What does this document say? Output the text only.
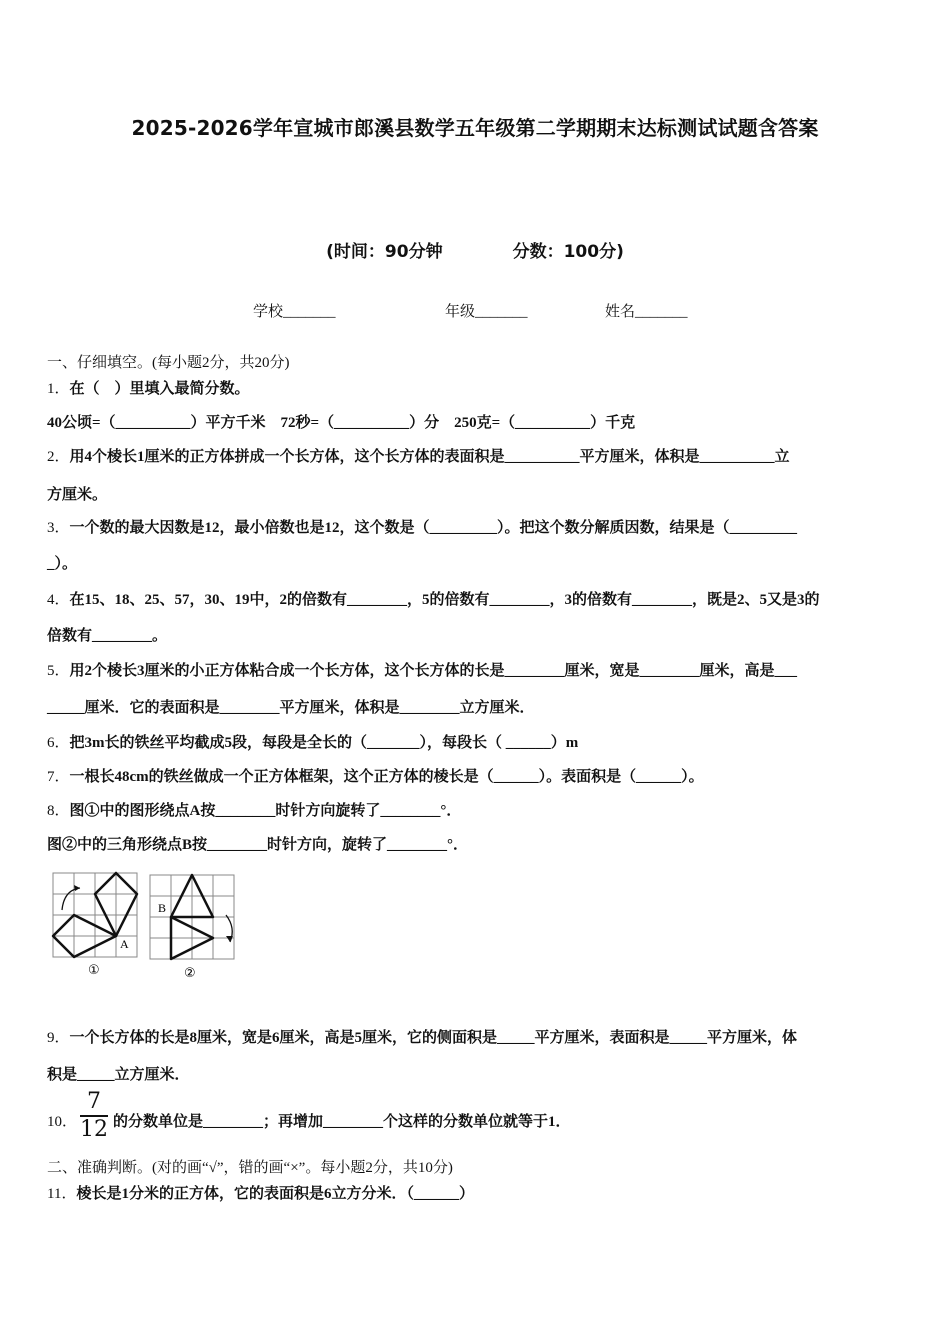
2025-2026学年宣城市郎溪县数学五年级第二学期期末达标测试试题含答案
(时间：90分钟	分数：100分)
学校_______	年级_______	姓名_______
一、仔细填空。(每小题2分，共20分)
1．在（　）里填入最简分数。
40公顷=（__________）平方千米　72秒=（__________）分　250克=（__________）千克
2．用4个棱长1厘米的正方体拼成一个长方体，这个长方体的表面积是__________平方厘米，体积是__________立
方厘米。
3．一个数的最大因数是12，最小倍数也是12，这个数是（_________）。把这个数分解质因数，结果是（_________
_）。
4．在15、18、25、57，30、19中，2的倍数有________，5的倍数有________，3的倍数有________，既是2、5又是3的
倍数有________。
5．用2个棱长3厘米的小正方体粘合成一个长方体，这个长方体的长是________厘米，宽是________厘米，高是___
_____厘米．它的表面积是________平方厘米，体积是________立方厘米．
6．把3m长的铁丝平均截成5段，每段是全长的（_______），每段长（ ______）m
7．一根长48cm的铁丝做成一个正方体框架，这个正方体的棱长是（______）。表面积是（______）。
8．图①中的图形绕点A按________时针方向旋转了________°．
图②中的三角形绕点B按________时针方向，旋转了________°．
A
①
B
②
9．一个长方体的长是8厘米，宽是6厘米，高是5厘米，它的侧面积是_____平方厘米，表面积是_____平方厘米，体
积是_____立方厘米．
10．
7
12 的分数单位是________；再增加________个这样的分数单位就等于1．
二、准确判断。(对的画“√”，错的画“×”。每小题2分，共10分)
11．棱长是1分米的正方体，它的表面积是6立方分米．（______）
